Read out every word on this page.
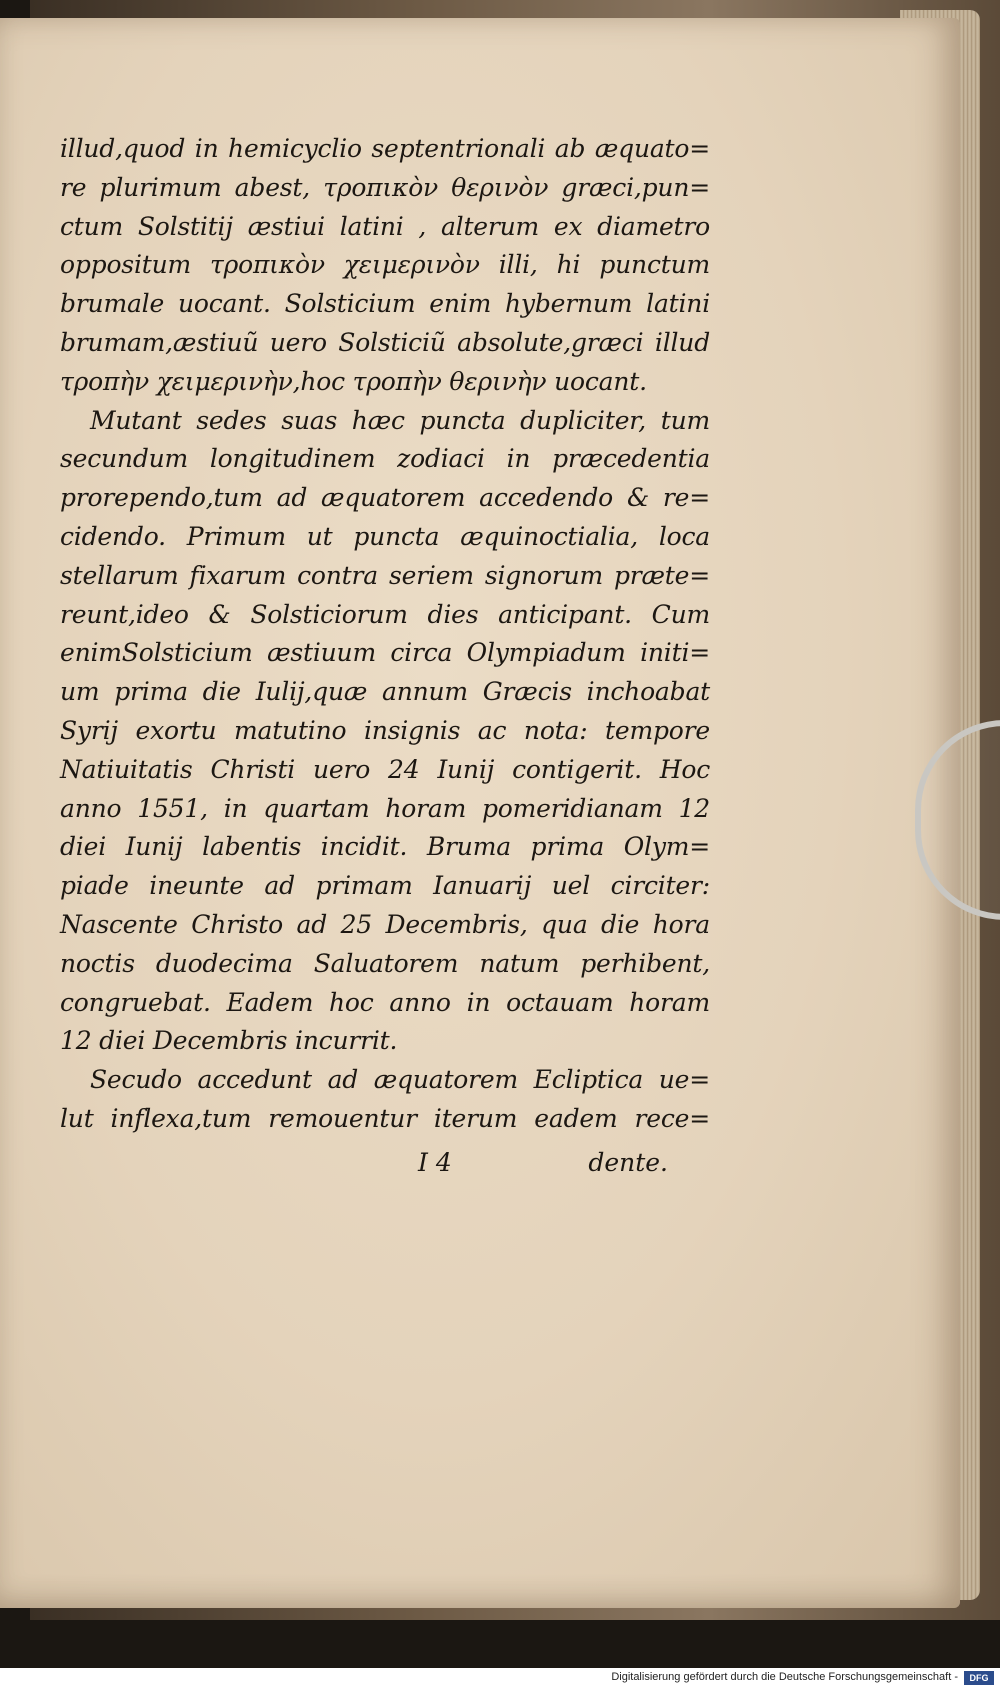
illud,quod in hemicyclio septentrionali ab æquato=
re plurimum abest, τροπικὸν θερινὸν græci,pun=
ctum Solstitij æstiui latini , alterum ex diametro
oppositum τροπικὸν χειμερινὸν illi, hi punctum
brumale uocant. Solsticium enim hybernum latini
brumam,æstiuũ uero Solsticiũ absolute,græci illud
τροπὴν χειμερινὴν,hoc τροπὴν θερινὴν uocant.
Mutant sedes suas hæc puncta dupliciter, tum
secundum longitudinem zodiaci in præcedentia
prorependo,tum ad æquatorem accedendo & re=
cidendo. Primum ut puncta æquinoctialia, loca
stellarum fixarum contra seriem signorum præte=
reunt,ideo & Solsticiorum dies anticipant. Cum
enimSolsticium æstiuum circa Olympiadum initi=
um prima die Iulij,quæ annum Græcis inchoabat
Syrij exortu matutino insignis ac nota: tempore
Natiuitatis Christi uero 24 Iunij contigerit. Hoc
anno 1551, in quartam horam pomeridianam 12
diei Iunij labentis incidit. Bruma prima Olym=
piade ineunte ad primam Ianuarij uel circiter:
Nascente Christo ad 25 Decembris, qua die hora
noctis duodecima Saluatorem natum perhibent,
congruebat. Eadem hoc anno in octauam horam
12 diei Decembris incurrit.
Secudo accedunt ad æquatorem Ecliptica ue=
lut inflexa,tum remouentur iterum eadem rece=
I 4	dente.
Digitalisierung gefördert durch die Deutsche Forschungsgemeinschaft -	DFG
